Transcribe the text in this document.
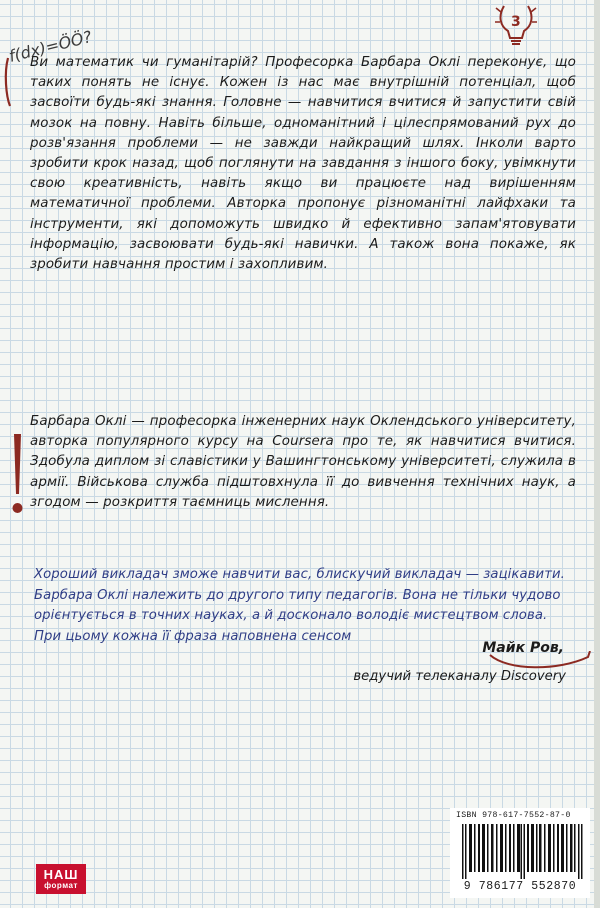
f(dx)=ÖÖ?
3

Ви математик чи гуманітарій? Професорка Барбара Оклі переконує, що таких понять не існує. Кожен із нас має внутрішній потенціал, щоб засвоїти будь-які знання. Головне — навчитися вчитися й запустити свій мозок на повну. Навіть більше, одноманітний і цілеспрямований рух до розв'язання проблеми — не завжди найкращий шлях. Інколи варто зробити крок назад, щоб поглянути на завдання з іншого боку, увімкнути свою креативність, навіть якщо ви працюєте над вирішенням математичної проблеми. Авторка пропонує різноманітні лайфхаки та інструменти, які допоможуть швидко й ефективно запам'ятовувати інформацію, засвоювати будь-які навички. А також вона покаже, як зробити навчання простим і захопливим.

Барбара Оклі — професорка інженерних наук Оклендського університету, авторка популярного курсу на Coursera про те, як навчитися вчитися. Здобула диплом зі славістики у Вашингтонському університеті, служила в армії. Військова служба підштовхнула її до вивчення технічних наук, а згодом — розкриття таємниць мислення.

Хороший викладач зможе навчити вас, блискучий викладач — зацікавити. Барбара Оклі належить до другого типу педагогів. Вона не тільки чудово орієнтується в точних науках, а й досконало володіє мистецтвом слова. При цьому кожна її фраза наповнена сенсом

Майк Ров,
ведучий телеканалу Discovery
НАШ
формат
ISBN 978-617-7552-87-0
9 786177 552870
